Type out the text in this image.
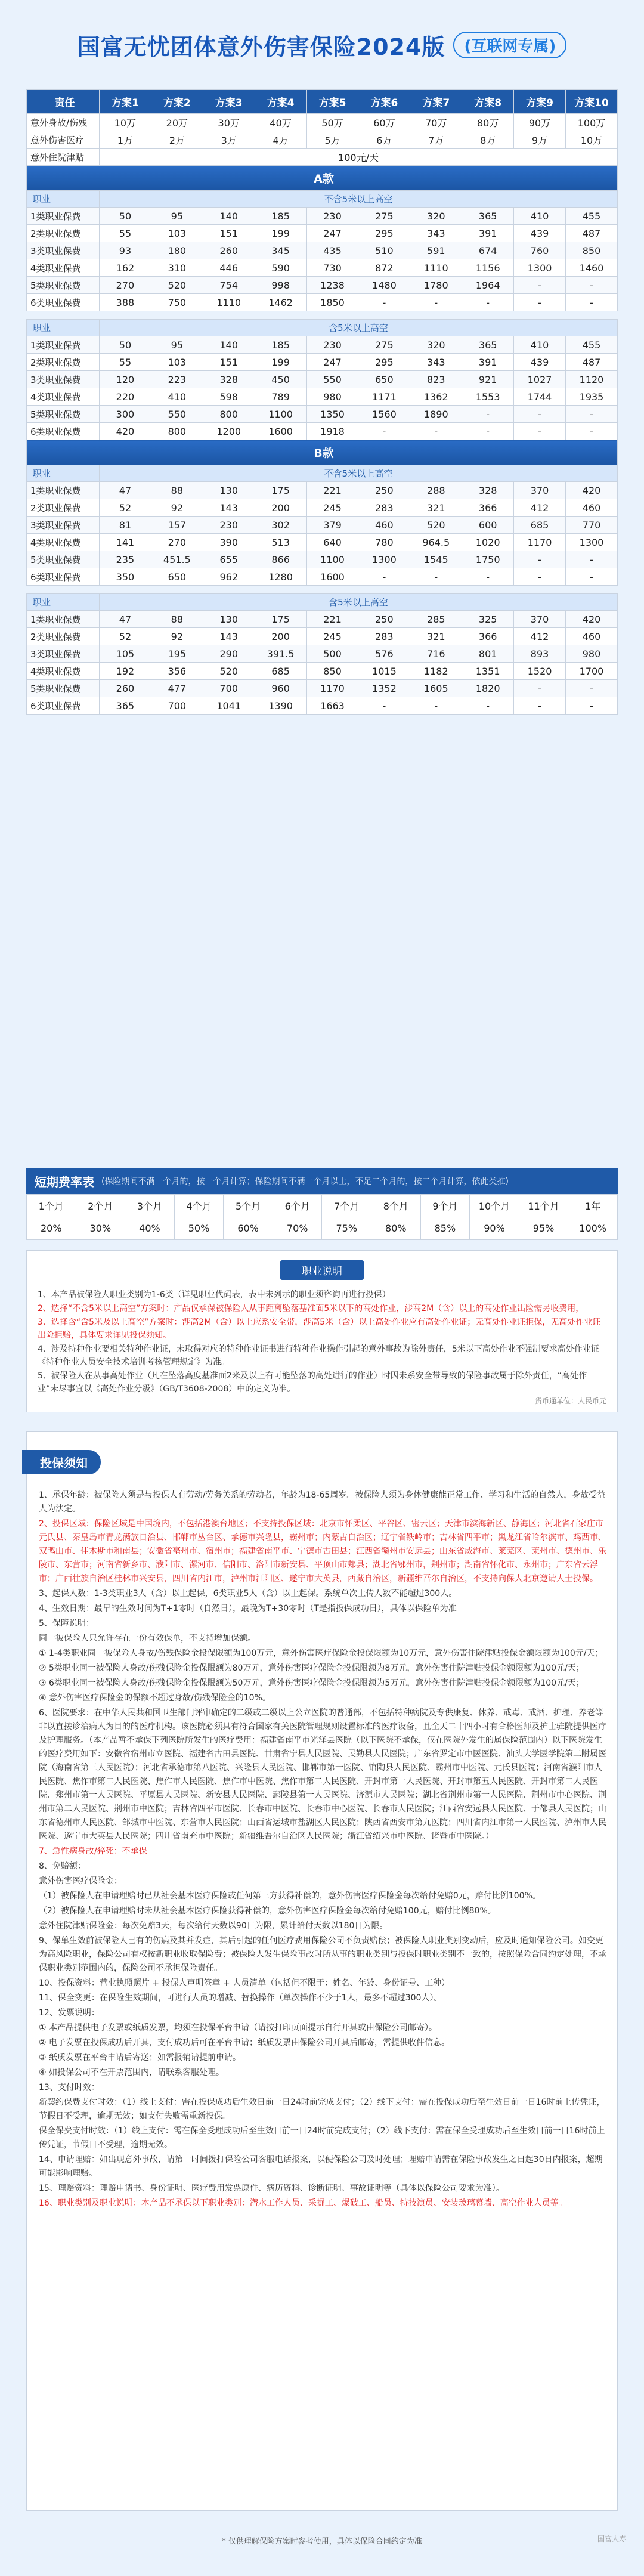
国富无忧团体意外伤害保险2024版	(互联网专属)
责任	方案1	方案2	方案3	方案4	方案5	方案6	方案7	方案8	方案9	方案10
意外身故/伤残	10万	20万	30万	40万	50万	60万	70万	80万	90万	100万
意外伤害医疗	1万	2万	3万	4万	5万	6万	7万	8万	9万	10万
意外住院津贴	100元/天									
A款										
职业				不含5米以上高空						
1类职业保费	50	95	140	185	230	275	320	365	410	455
2类职业保费	55	103	151	199	247	295	343	391	439	487
3类职业保费	93	180	260	345	435	510	591	674	760	850
4类职业保费	162	310	446	590	730	872	1110	1156	1300	1460
5类职业保费	270	520	754	998	1238	1480	1780	1964	-	-
6类职业保费	388	750	1110	1462	1850	-	-	-	-	-

职业				含5米以上高空						
1类职业保费	50	95	140	185	230	275	320	365	410	455
2类职业保费	55	103	151	199	247	295	343	391	439	487
3类职业保费	120	223	328	450	550	650	823	921	1027	1120
4类职业保费	220	410	598	789	980	1171	1362	1553	1744	1935
5类职业保费	300	550	800	1100	1350	1560	1890	-	-	-
6类职业保费	420	800	1200	1600	1918	-	-	-	-	-
B款										
职业				不含5米以上高空						
1类职业保费	47	88	130	175	221	250	288	328	370	420
2类职业保费	52	92	143	200	245	283	321	366	412	460
3类职业保费	81	157	230	302	379	460	520	600	685	770
4类职业保费	141	270	390	513	640	780	964.5	1020	1170	1300
5类职业保费	235	451.5	655	866	1100	1300	1545	1750	-	-
6类职业保费	350	650	962	1280	1600	-	-	-	-	-

职业				含5米以上高空						
1类职业保费	47	88	130	175	221	250	285	325	370	420
2类职业保费	52	92	143	200	245	283	321	366	412	460
3类职业保费	105	195	290	391.5	500	576	716	801	893	980
4类职业保费	192	356	520	685	850	1015	1182	1351	1520	1700
5类职业保费	260	477	700	960	1170	1352	1605	1820	-	-
6类职业保费	365	700	1041	1390	1663	-	-	-	-	-
短期费率表 (保险期间不满一个月的，按一个月计算；保险期间不满一个月以上，不足二个月的，按二个月计算，依此类推)
1个月	2个月	3个月	4个月	5个月	6个月	7个月	8个月	9个月	10个月	11个月	1年
20%	30%	40%	50%	60%	70%	75%	80%	85%	90%	95%	100%
职业说明

1、本产品被保险人职业类别为1-6类（详见职业代码表，表中未列示的职业须咨询再进行投保）

2、选择“不含5米以上高空”方案时：产品仅承保被保险人从事距离坠落基准面5米以下的高处作业，涉高2M（含）以上的高处作业出险需另收费用，

3、选择含“含5米及以上高空”方案时：涉高2M（含）以上应系安全带，涉高5米（含）以上高处作业应有高处作业证；无高处作业证拒保，无高处作业证出险拒赔，具体要求详见投保须知。

4、涉及特种作业要相关特种作业证，未取得对应的特种作业证书进行特种作业操作引起的意外事故为除外责任，5米以下高处作业不强制要求高处作业证《特种作业人员安全技术培训考核管理规定》为准。

5、被保险人在从事高处作业（凡在坠落高度基准面2米及以上有可能坠落的高处进行的作业）时因未系安全带导致的保险事故属于除外责任，“高处作业”未尽事宜以《高处作业分级》（GB/T3608-2008）中的定义为准。

货币通单位：人民币元
投保须知

1、承保年龄：被保险人须是与投保人有劳动/劳务关系的劳动者，年龄为18-65周岁。被保险人须为身体健康能正常工作、学习和生活的自然人，身故受益人为法定。

2、投保区域：保险区域是中国境内，不包括港澳台地区；不支持投保区域：北京市怀柔区、平谷区、密云区；天津市滨海新区、静海区；河北省石家庄市元氏县、秦皇岛市青龙满族自治县、邯郸市丛台区、承德市兴隆县，霸州市；内蒙古自治区；辽宁省铁岭市；吉林省四平市；黑龙江省哈尔滨市、鸡西市、双鸭山市、佳木斯市和南县；安徽省亳州市、宿州市；福建省南平市、宁德市古田县；江西省赣州市安远县；山东省威海市、莱芜区、莱州市、德州市、乐陵市、东营市；河南省新乡市、濮阳市、漯河市、信阳市、洛阳市新安县、平顶山市郏县；湖北省鄂州市，荆州市；湖南省怀化市、永州市；广东省云浮市；广西壮族自治区桂林市兴安县，四川省内江市，泸州市江阳区、遂宁市大英县，西藏自治区，新疆维吾尔自治区，不支持向保人北京邀请人士投保。

3、起保人数：1-3类职业3人（含）以上起保，6类职业5人（含）以上起保。系统单次上传人数不能超过300人。

4、生效日期：最早的生效时间为T+1零时（自然日），最晚为T+30零时（T是指投保成功日），具体以保险单为准

5、保障说明：

同一被保险人只允许存在一份有效保单，不支持增加保额。

① 1-4类职业同一被保险人身故/伤残保险金投保限额为100万元，意外伤害医疗保险金投保限额为10万元，意外伤害住院津贴投保金额限额为100元/天；

② 5类职业同一被保险人身故/伤残保险金投保限额为80万元，意外伤害医疗保险金投保限额为8万元，意外伤害住院津贴投保金额限额为100元/天；

③ 6类职业同一被保险人身故/伤残保险金投保限额为50万元，意外伤害医疗保险金投保限额为5万元，意外伤害住院津贴投保金额限额为100元/天；

④ 意外伤害医疗保险金的保额不超过身故/伤残保险金的10%。

6、医院要求：在中华人民共和国卫生部门评审确定的二级或二级以上公立医院的普通部，不包括特种病院及专供康复、休养、戒毒、戒酒、护理、养老等非以直接诊治病人为目的的医疗机构。该医院必须具有符合国家有关医院管理规则设置标准的医疗设备，且全天二十四小时有合格医师及护士驻院提供医疗及护理服务。（本产品暂不承保下列医院所发生的医疗费用：福建省南平市光泽县医院（以下医院不承保，仅在医院外发生的属保险范围内）以下医院发生的医疗费用如下：安徽省宿州市立医院、福建省古田县医院、甘肃省宁县人民医院、民勤县人民医院；广东省罗定市中医医院、汕头大学医学院第二附属医院（海南省第三人民医院）；河北省承德市第八医院、兴隆县人民医院、邯郸市第一医院、馆陶县人民医院、霸州市中医院、元氏县医院；河南省濮阳市人民医院、焦作市第二人民医院、焦作市人民医院、焦作市中医院、焦作市第二人民医院、开封市第一人民医院、开封市第五人民医院、开封市第二人民医院、郑州市第一人民医院、平原县人民医院、新安县人民医院、鄢陵县第一人民医院、济源市人民医院；湖北省荆州市第一人民医院、荆州市中心医院、荆州市第二人民医院、荆州市中医院；吉林省四平市医院、长春市中医院、长春市中心医院、长春市人民医院；江西省安远县人民医院、于都县人民医院；山东省德州市人民医院、邹城市中医院、东营市人民医院；山西省运城市盐湖区人民医院；陕西省西安市第九医院；四川省内江市第一人民医院、泸州市人民医院、遂宁市大英县人民医院；四川省南充市中医院；新疆维吾尔自治区人民医院；浙江省绍兴市中医院、诸暨市中医院。）

7、急性病身故/猝死：不承保

8、免赔额：

意外伤害医疗保险金：

（1）被保险人在申请理赔时已从社会基本医疗保险或任何第三方获得补偿的，意外伤害医疗保险金每次给付免赔0元，赔付比例100%。

（2）被保险人在申请理赔时未从社会基本医疗保险获得补偿的，意外伤害医疗保险金每次给付免赔100元，赔付比例80%。

意外住院津贴保险金：每次免赔3天，每次给付天数以90日为限，累计给付天数以180日为限。

9、保单生效前被保险人已有的伤病及其并发症，其后引起的任何医疗费用保险公司不负责赔偿；被保险人职业类别变动后，应及时通知保险公司。如变更为高风险职业，保险公司有权按新职业收取保险费；被保险人发生保险事故时所从事的职业类别与投保时职业类别不一致的，按照保险合同约定处理，不承保职业类别范围内的，保险公司不承担保险责任。

10、投保资料：营业执照照片 + 投保人声明签章 + 人员清单（包括但不限于：姓名、年龄、身份证号、工种）

11、保全变更：在保险生效期间，可进行人员的增减、替换操作（单次操作不少于1人，最多不超过300人）。

12、发票说明：

① 本产品提供电子发票或纸质发票，均须在投保平台申请（请按打印页面提示自行开具或由保险公司邮寄）。

② 电子发票在投保成功后开具，支付成功后可在平台申请；纸质发票由保险公司开具后邮寄，需提供收件信息。

③ 纸质发票在平台申请后寄送；如需报销请提前申请。

④ 如投保公司不在开票范围内，请联系客服处理。

13、支付时效：

新契约保费支付时效：（1）线上支付：需在投保成功后生效日前一日24时前完成支付；（2）线下支付：需在投保成功后至生效日前一日16时前上传凭证，节假日不受理，逾期无效；如支付失败需重新投保。

保全保费支付时效：（1）线上支付：需在保全受理成功后至生效日前一日24时前完成支付；（2）线下支付：需在保全受理成功后至生效日前一日16时前上传凭证，节假日不受理，逾期无效。

14、申请理赔：如出现意外事故，请第一时间拨打保险公司客服电话报案，以便保险公司及时处理；理赔申请需在保险事故发生之日起30日内报案，超期可能影响理赔。

15、理赔资料：理赔申请书、身份证明、医疗费用发票原件、病历资料、诊断证明、事故证明等（具体以保险公司要求为准）。

16、职业类别及职业说明：本产品不承保以下职业类别：潜水工作人员、采掘工、爆破工、船员、特技演员、安装玻璃幕墙、高空作业人员等。

* 仅供理解保险方案时参考使用，具体以保险合同约定为准	国富人寿
